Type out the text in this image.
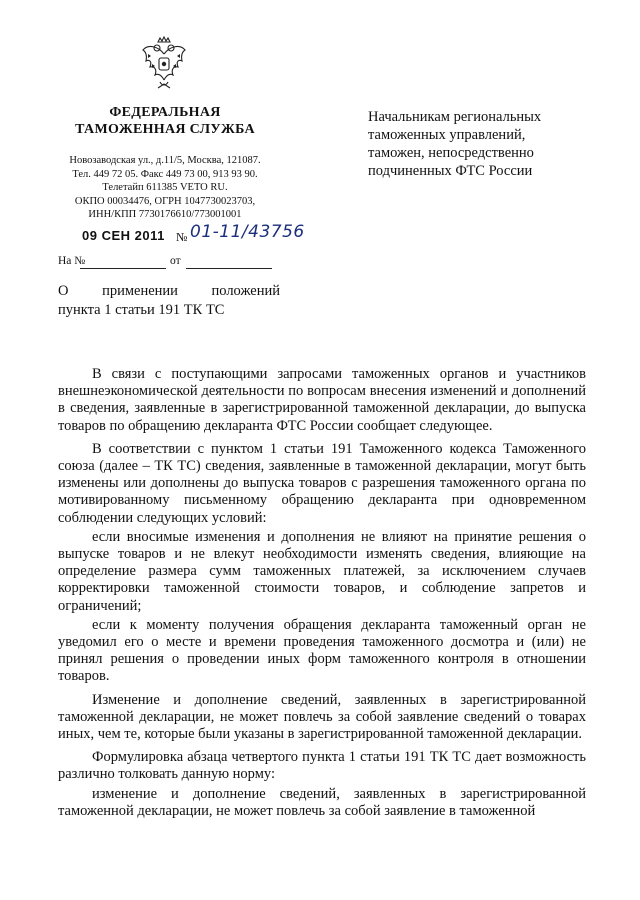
ФЕДЕРАЛЬНАЯ
ТАМОЖЕННАЯ СЛУЖБА
Новозаводская ул., д.11/5, Москва, 121087.
Тел. 449 72 05. Факс 449 73 00, 913 93 90.
Телетайп 611385 VETO RU.
ОКПО 00034476, ОГРН 1047730023703,
ИНН/КПП 7730176610/773001001
09 СЕН 2011 № 01-11/43756
На №	от
Начальникам региональных
таможенных управлений,
таможен, непосредственно
подчиненных ФТС России
О применении положений
пункта 1 статьи 191 ТК ТС

В связи с поступающими запросами таможенных органов и участников внешнеэкономической деятельности по вопросам внесения изменений и дополнений в сведения, заявленные в зарегистрированной таможенной декларации, до выпуска товаров по обращению декларанта ФТС России сообщает следующее.

В соответствии с пунктом 1 статьи 191 Таможенного кодекса Таможенного союза (далее – ТК ТС) сведения, заявленные в таможенной декларации, могут быть изменены или дополнены до выпуска товаров с разрешения таможенного органа по мотивированному письменному обращению декларанта при одновременном соблюдении следующих условий:

если вносимые изменения и дополнения не влияют на принятие решения о выпуске товаров и не влекут необходимости изменять сведения, влияющие на определение размера сумм таможенных платежей, за исключением случаев корректировки таможенной стоимости товаров, и соблюдение запретов и ограничений;

если к моменту получения обращения декларанта таможенный орган не уведомил его о месте и времени проведения таможенного досмотра и (или) не принял решения о проведении иных форм таможенного контроля в отношении товаров.

Изменение и дополнение сведений, заявленных в зарегистрированной таможенной декларации, не может повлечь за собой заявление сведений о товарах иных, чем те, которые были указаны в зарегистрированной таможенной декларации.

Формулировка абзаца четвертого пункта 1 статьи 191 ТК ТС дает возможность различно толковать данную норму:

изменение и дополнение сведений, заявленных в зарегистрированной таможенной декларации, не может повлечь за собой заявление в таможенной
